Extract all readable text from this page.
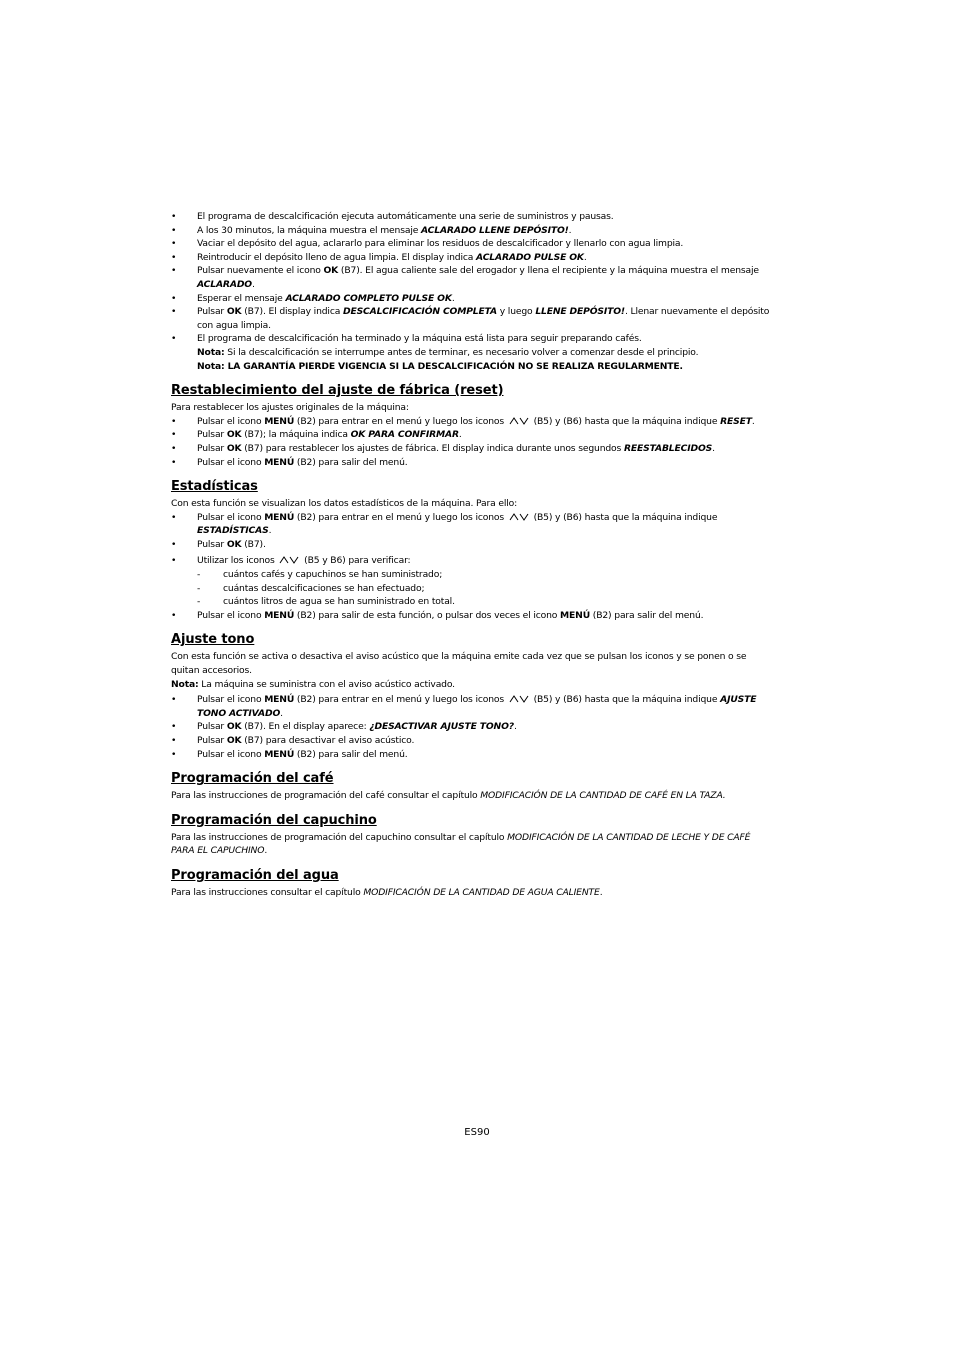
• El programa de descalcificación ejecuta automáticamente una serie de suministros y pausas.
• A los 30 minutos, la máquina muestra el mensaje ACLARADO LLENE DEPÓSITO!.
• Vaciar el depósito del agua, aclararlo para eliminar los residuos de descalcificador y llenarlo con agua limpia.
• Reintroducir el depósito lleno de agua limpia. El display indica ACLARADO PULSE OK.
• Pulsar nuevamente el icono OK (B7). El agua caliente sale del erogador y llena el recipiente y la máquina muestra el mensaje ACLARADO.
• Esperar el mensaje ACLARADO COMPLETO PULSE OK.
• Pulsar OK (B7). El display indica DESCALCIFICACIÓN COMPLETA y luego LLENE DEPÓSITO!. Llenar nuevamente el depósito con agua limpia.
• El programa de descalcificación ha terminado y la máquina está lista para seguir preparando cafés.
Nota: Si la descalcificación se interrumpe antes de terminar, es necesario volver a comenzar desde el principio.
Nota: LA GARANTÍA PIERDE VIGENCIA SI LA DESCALCIFICACIÓN NO SE REALIZA REGULARMENTE.
Restablecimiento del ajuste de fábrica (reset)

Para restablecer los ajustes originales de la máquina:

• Pulsar el icono MENÚ (B2) para entrar en el menú y luego los iconos	(B5) y (B6) hasta que la máquina indique RESET.
• Pulsar OK (B7); la máquina indica OK PARA CONFIRMAR.
• Pulsar OK (B7) para restablecer los ajustes de fábrica. El display indica durante unos segundos REESTABLECIDOS.
• Pulsar el icono MENÚ (B2) para salir del menú.
Estadísticas

Con esta función se visualizan los datos estadísticos de la máquina. Para ello:

• Pulsar el icono MENÚ (B2) para entrar en el menú y luego los iconos	(B5) y (B6) hasta que la máquina indique ESTADÍSTICAS.
• Pulsar OK (B7).
• Utilizar los iconos	(B5 y B6) para verificar:
- cuántos cafés y capuchinos se han suministrado;
- cuántas descalcificaciones se han efectuado;
- cuántos litros de agua se han suministrado en total.
• Pulsar el icono MENÚ (B2) para salir de esta función, o pulsar dos veces el icono MENÚ (B2) para salir del menú.
Ajuste tono

Con esta función se activa o desactiva el aviso acústico que la máquina emite cada vez que se pulsan los iconos y se ponen o se quitan accesorios.

Nota: La máquina se suministra con el aviso acústico activado.

• Pulsar el icono MENÚ (B2) para entrar en el menú y luego los iconos	(B5) y (B6) hasta que la máquina indique AJUSTE TONO ACTIVADO.
• Pulsar OK (B7). En el display aparece: ¿DESACTIVAR AJUSTE TONO?.
• Pulsar OK (B7) para desactivar el aviso acústico.
• Pulsar el icono MENÚ (B2) para salir del menú.
Programación del café

Para las instrucciones de programación del café consultar el capítulo MODIFICACIÓN DE LA CANTIDAD DE CAFÉ EN LA TAZA.

Programación del capuchino

Para las instrucciones de programación del capuchino consultar el capítulo MODIFICACIÓN DE LA CANTIDAD DE LECHE Y DE CAFÉ PARA EL CAPUCHINO.

Programación del agua

Para las instrucciones consultar el capítulo MODIFICACIÓN DE LA CANTIDAD DE AGUA CALIENTE.

ES90
